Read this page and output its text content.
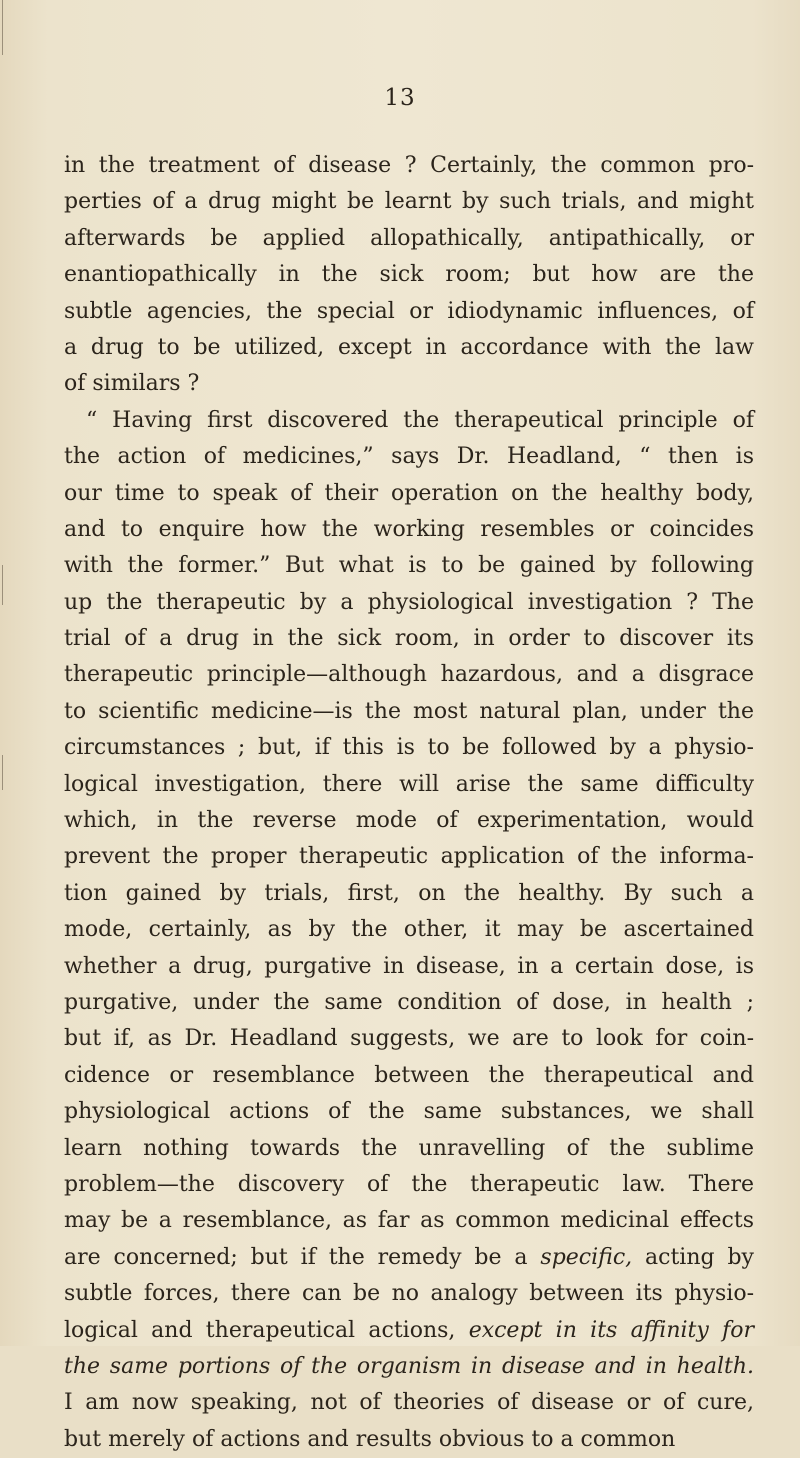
13
in the treatment of disease ? Certainly, the common pro-
perties of a drug might be learnt by such trials, and might
afterwards be applied allopathically, antipathically, or
enantiopathically in the sick room; but how are the
subtle agencies, the special or idiodynamic influences, of
a drug to be utilized, except in accordance with the law
of similars ?
“ Having first discovered the therapeutical principle of
the action of medicines,” says Dr. Headland, “ then is
our time to speak of their operation on the healthy body,
and to enquire how the working resembles or coincides
with the former.” But what is to be gained by following
up the therapeutic by a physiological investigation ? The
trial of a drug in the sick room, in order to discover its
therapeutic principle—although hazardous, and a disgrace
to scientific medicine—is the most natural plan, under the
circumstances ; but, if this is to be followed by a physio-
logical investigation, there will arise the same difficulty
which, in the reverse mode of experimentation, would
prevent the proper therapeutic application of the informa-
tion gained by trials, first, on the healthy. By such a
mode, certainly, as by the other, it may be ascertained
whether a drug, purgative in disease, in a certain dose, is
purgative, under the same condition of dose, in health ;
but if, as Dr. Headland suggests, we are to look for coin-
cidence or resemblance between the therapeutical and
physiological actions of the same substances, we shall
learn nothing towards the unravelling of the sublime
problem—the discovery of the therapeutic law. There
may be a resemblance, as far as common medicinal effects
are concerned; but if the remedy be a specific, acting by
subtle forces, there can be no analogy between its physio-
logical and therapeutical actions, except in its affinity for
the same portions of the organism in disease and in health.
I am now speaking, not of theories of disease or of cure,
but merely of actions and results obvious to a common
